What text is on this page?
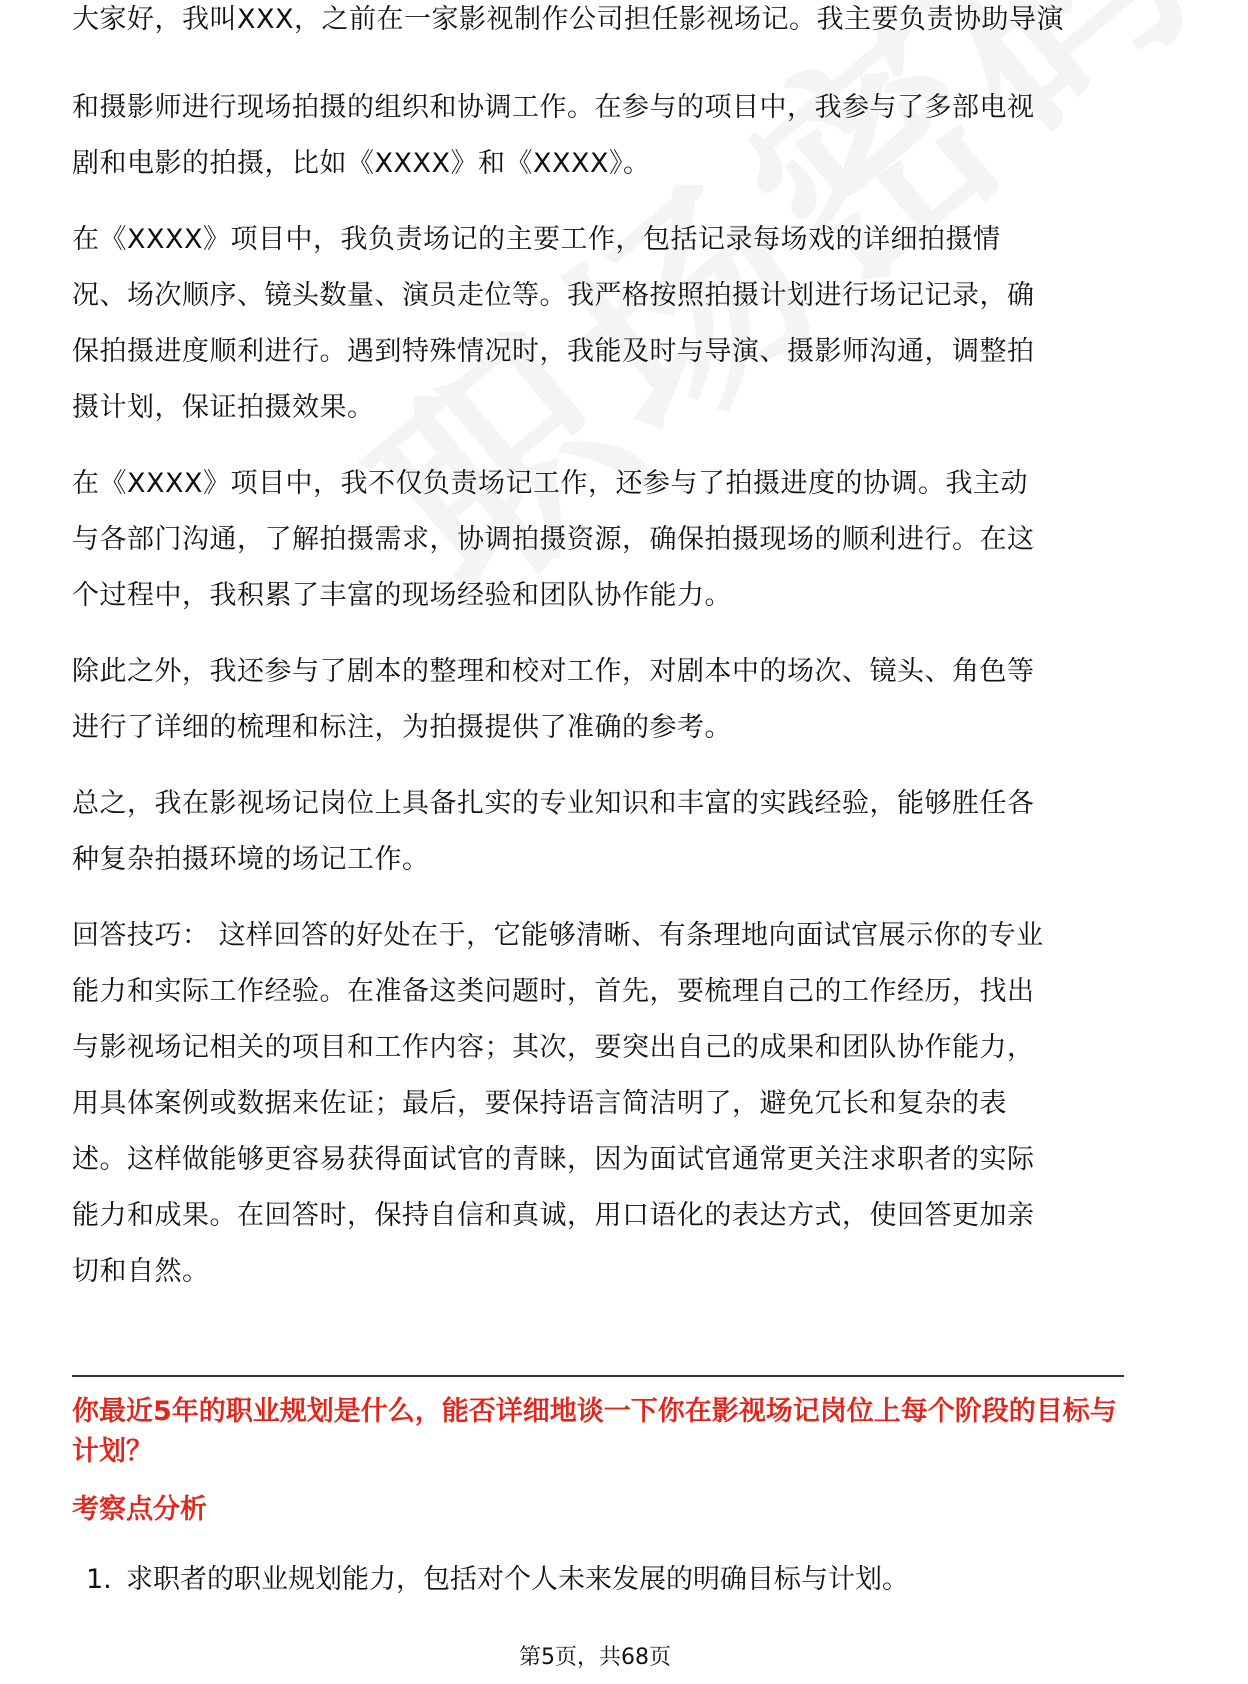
大家好，我叫XXX，之前在一家影视制作公司担任影视场记。我主要负责协助导演

和摄影师进行现场拍摄的组织和协调工作。在参与的项目中，我参与了多部电视剧和电影的拍摄，比如《XXXX》和《XXXX》。

在《XXXX》项目中，我负责场记的主要工作，包括记录每场戏的详细拍摄情况、场次顺序、镜头数量、演员走位等。我严格按照拍摄计划进行场记记录，确保拍摄进度顺利进行。遇到特殊情况时，我能及时与导演、摄影师沟通，调整拍摄计划，保证拍摄效果。

在《XXXX》项目中，我不仅负责场记工作，还参与了拍摄进度的协调。我主动与各部门沟通，了解拍摄需求，协调拍摄资源，确保拍摄现场的顺利进行。在这个过程中，我积累了丰富的现场经验和团队协作能力。

除此之外，我还参与了剧本的整理和校对工作，对剧本中的场次、镜头、角色等进行了详细的梳理和标注，为拍摄提供了准确的参考。

总之，我在影视场记岗位上具备扎实的专业知识和丰富的实践经验，能够胜任各种复杂拍摄环境的场记工作。

回答技巧： 这样回答的好处在于，它能够清晰、有条理地向面试官展示你的专业能力和实际工作经验。在准备这类问题时，首先，要梳理自己的工作经历，找出与影视场记相关的项目和工作内容；其次，要突出自己的成果和团队协作能力，用具体案例或数据来佐证；最后，要保持语言简洁明了，避免冗长和复杂的表述。这样做能够更容易获得面试官的青睐，因为面试官通常更关注求职者的实际能力和成果。在回答时，保持自信和真诚，用口语化的表达方式，使回答更加亲切和自然。

你最近5年的职业规划是什么，能否详细地谈一下你在影视场记岗位上每个阶段的目标与计划？
考察点分析
1. 求职者的职业规划能力，包括对个人未来发展的明确目标与计划。
第5页，共68页
